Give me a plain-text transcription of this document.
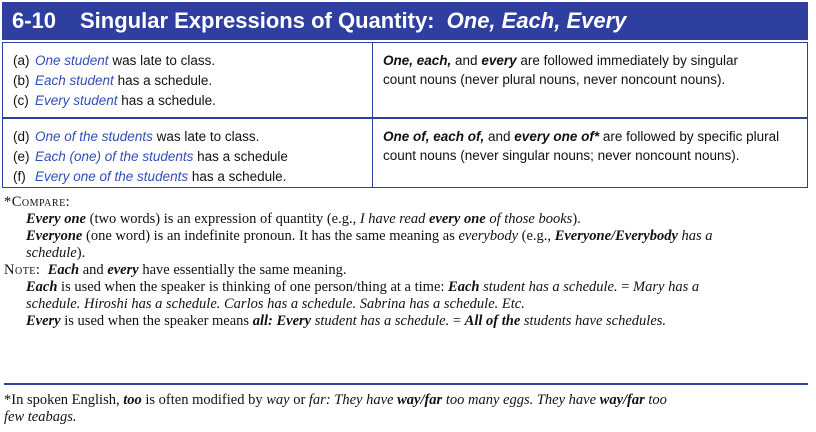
6-10	Singular Expressions of Quantity: One, Each, Every
(a) One student was late to class.
(b) Each student has a schedule.
(c) Every student has a schedule.
One, each, and every are followed immediately by singular
count nouns (never plural nouns, never noncount nouns).
(d) One of the students was late to class.
(e) Each (one) of the students has a schedule
(f) Every one of the students has a schedule.
One of, each of, and every one of* are followed by specific plural
count nouns (never singular nouns; never noncount nouns).

*Compare:

Every one (two words) is an expression of quantity (e.g., I have read every one of those books).

Everyone (one word) is an indefinite pronoun. It has the same meaning as everybody (e.g., Everyone/Everybody has a

schedule).

Note: Each and every have essentially the same meaning.

Each is used when the speaker is thinking of one person/thing at a time: Each student has a schedule. = Mary has a

schedule. Hiroshi has a schedule. Carlos has a schedule. Sabrina has a schedule. Etc.

Every is used when the speaker means all: Every student has a schedule. = All of the students have schedules.

*In spoken English, too is often modified by way or far: They have way/far too many eggs. They have way/far too

few teabags.
